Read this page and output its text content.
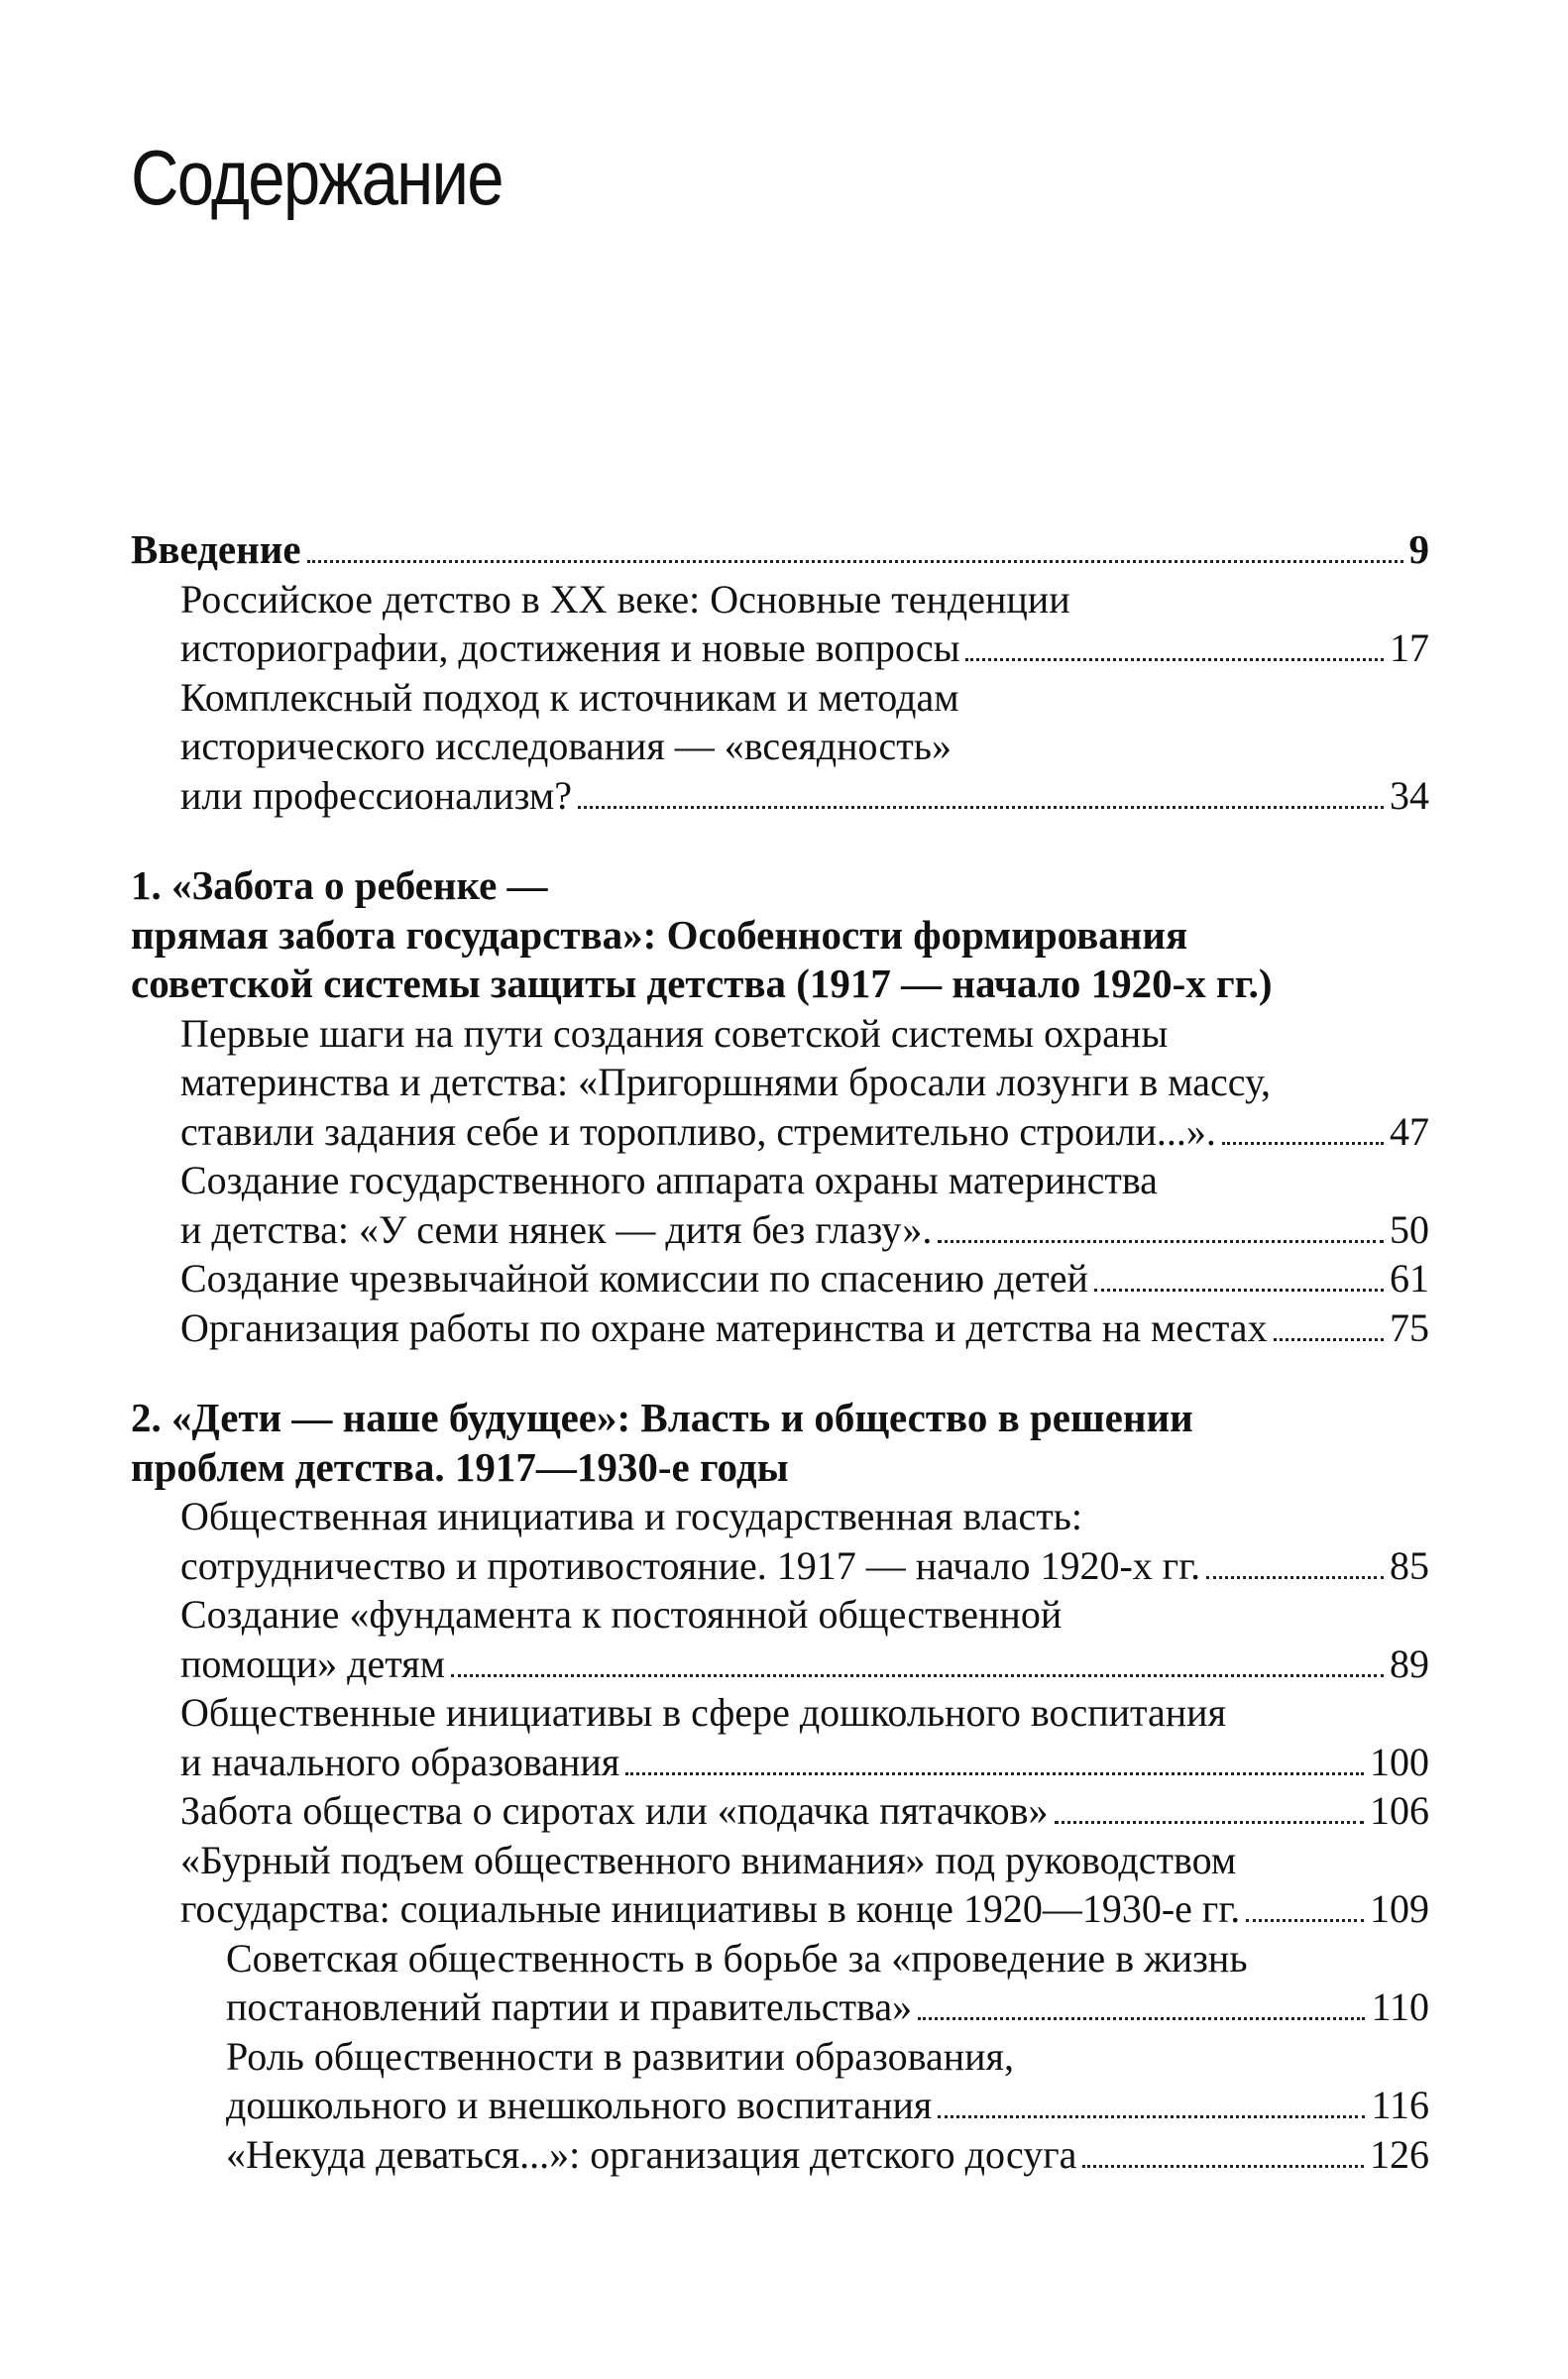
Содержание
Введение	9
Российское детство в XX веке: Основные тенденции
историографии, достижения и новые вопросы	17
Комплексный подход к источникам и методам
исторического исследования — «всеядность»
или профессионализм?	34
1. «Забота о ребенке —
прямая забота государства»: Особенности формирования
советской системы защиты детства (1917 — начало 1920-х гг.)
Первые шаги на пути создания советской системы охраны
материнства и детства: «Пригоршнями бросали лозунги в массу,
ставили задания себе и торопливо, стремительно строили...».	47
Создание государственного аппарата охраны материнства
и детства: «У семи нянек — дитя без глазу».	50
Создание чрезвычайной комиссии по спасению детей	61
Организация работы по охране материнства и детства на местах	75
2. «Дети — наше будущее»: Власть и общество в решении
проблем детства. 1917—1930-е годы
Общественная инициатива и государственная власть:
сотрудничество и противостояние. 1917 — начало 1920-х гг.	85
Создание «фундамента к постоянной общественной
помощи» детям	89
Общественные инициативы в сфере дошкольного воспитания
и начального образования	100
Забота общества о сиротах или «подачка пятачков»	106
«Бурный подъем общественного внимания» под руководством
государства: социальные инициативы в конце 1920—1930-е гг.	109
Советская общественность в борьбе за «проведение в жизнь
постановлений партии и правительства»	110
Роль общественности в развитии образования,
дошкольного и внешкольного воспитания	116
«Некуда деваться...»: организация детского досуга	126
